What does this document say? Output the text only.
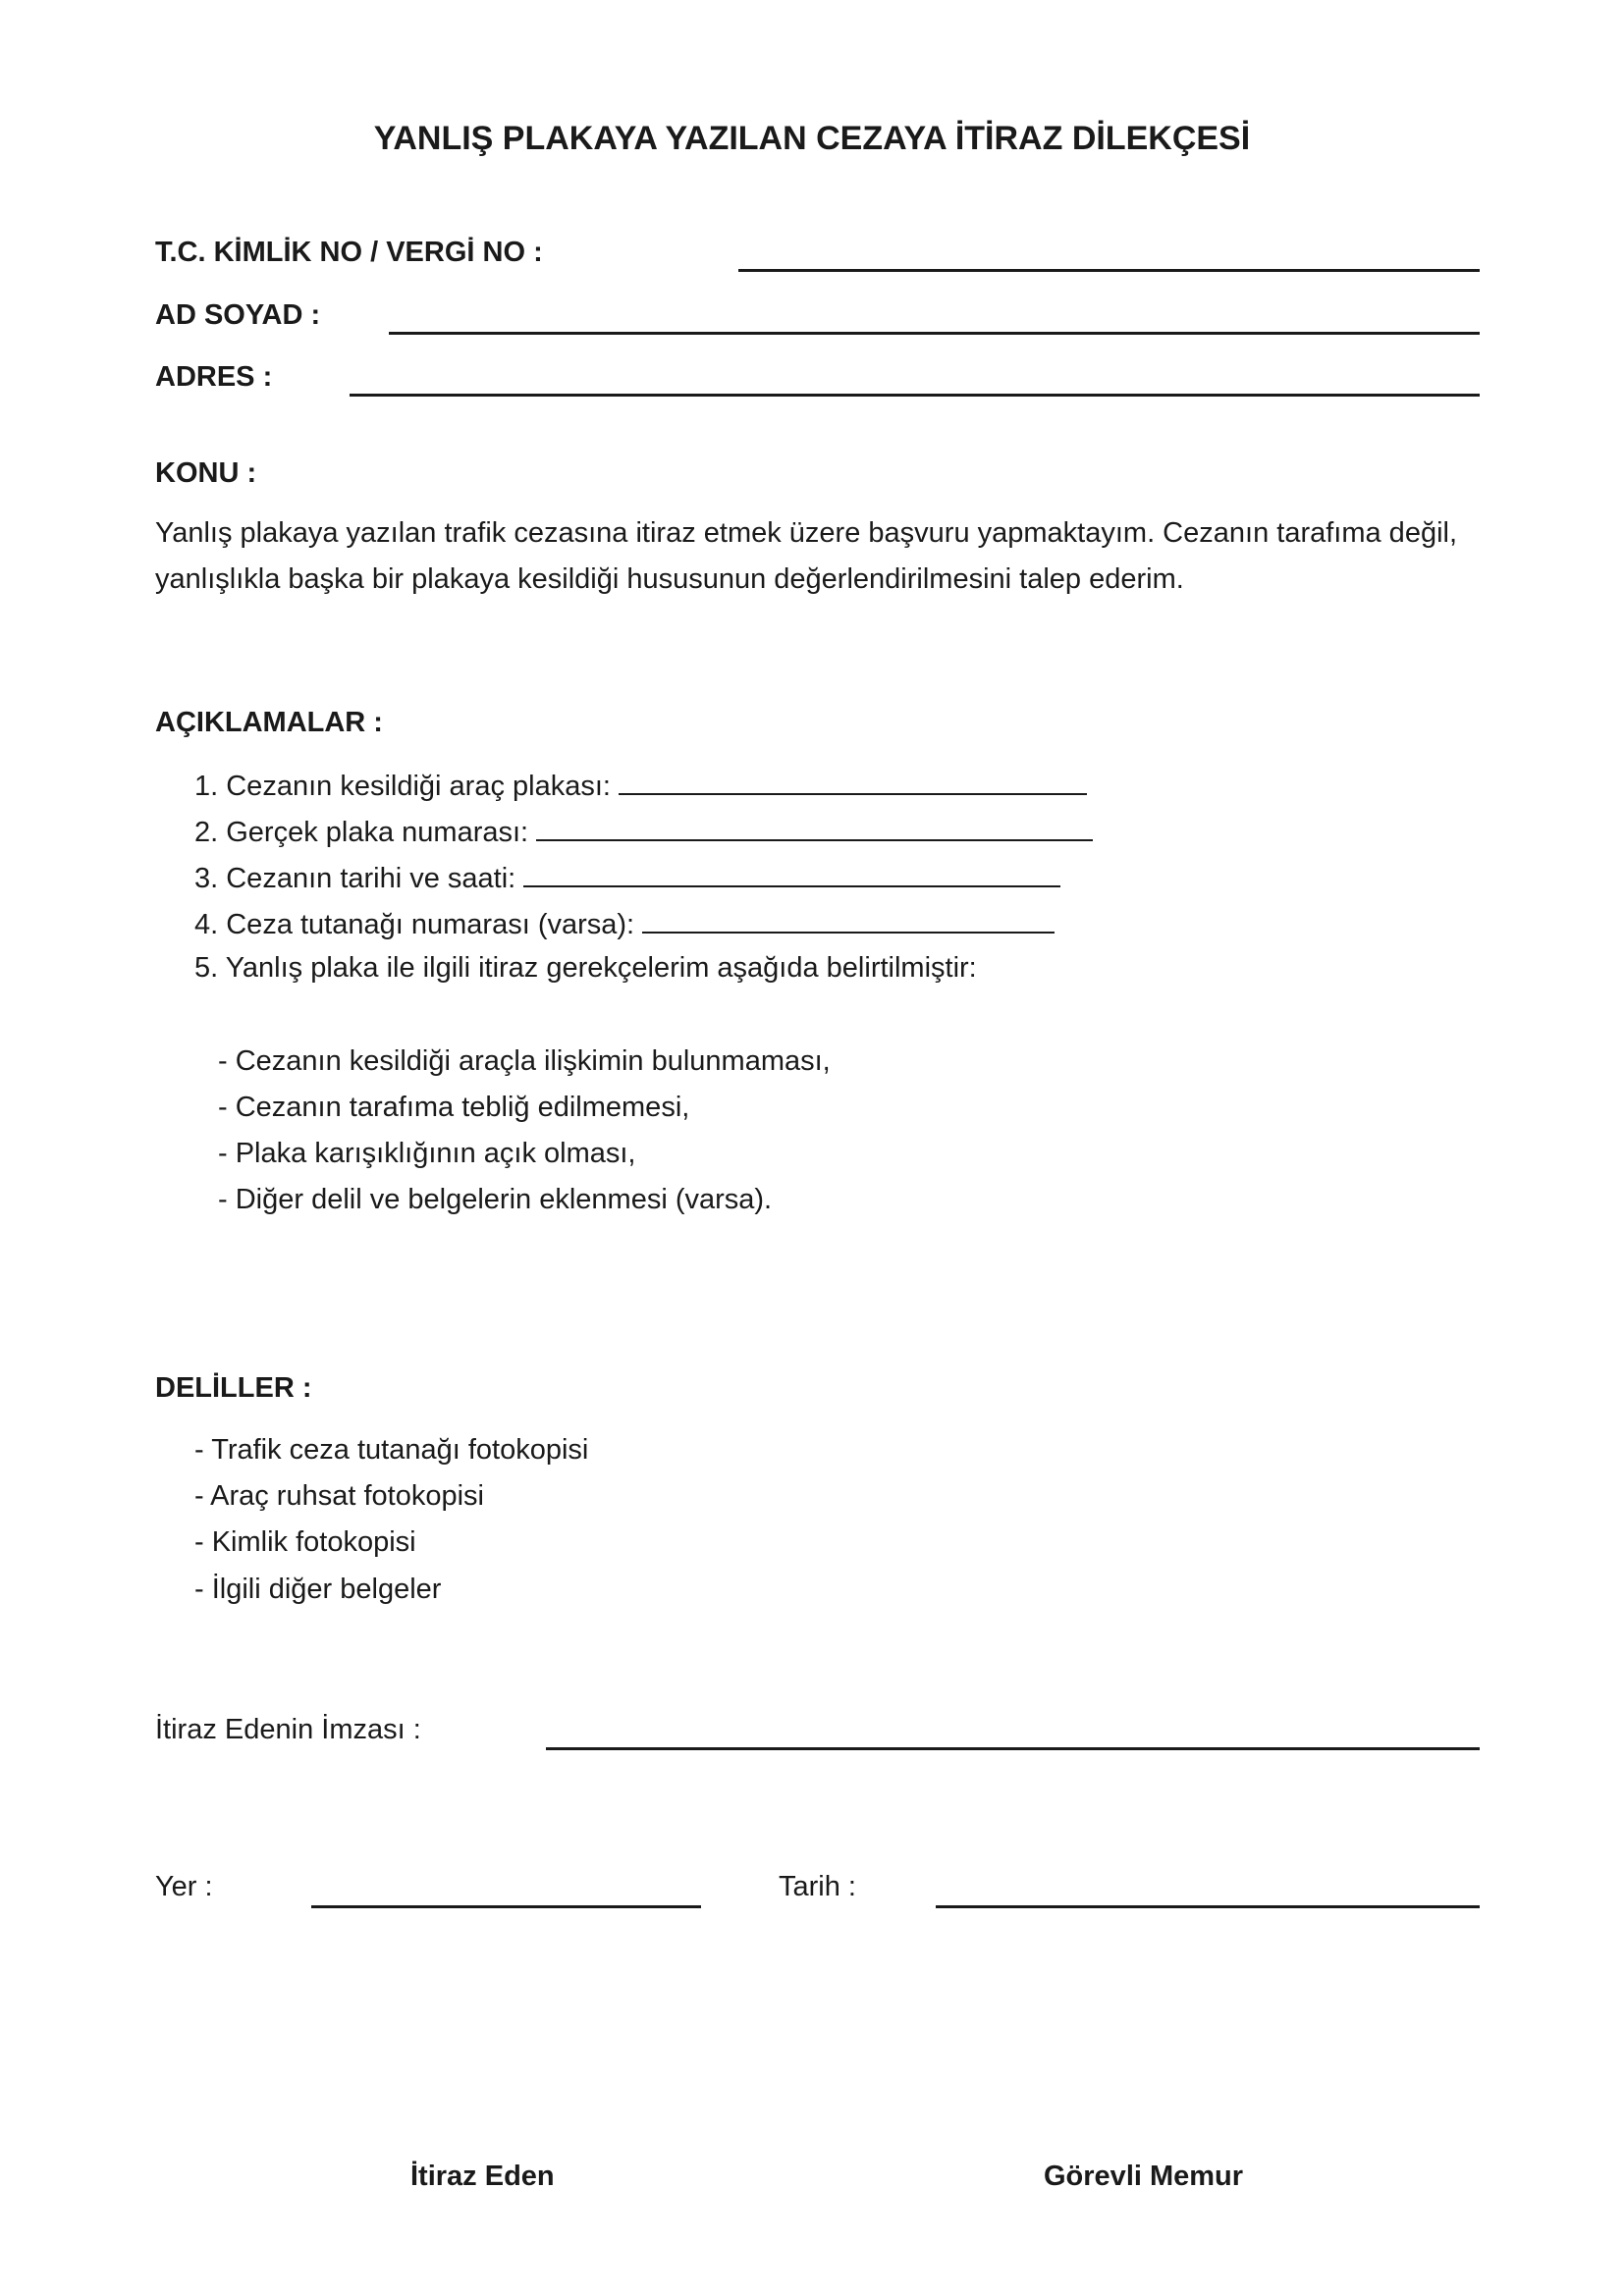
YANLIŞ PLAKAYA YAZILAN CEZAYA İTİRAZ DİLEKÇESİ
T.C. KİMLİK NO / VERGİ NO :
AD SOYAD :
ADRES :
KONU :
Yanlış plakaya yazılan trafik cezasına itiraz etmek üzere başvuru yapmaktayım. Cezanın tarafıma değil, yanlışlıkla başka bir plakaya kesildiği hususunun değerlendirilmesini talep ederim.
AÇIKLAMALAR :
1. Cezanın kesildiği araç plakası:
2. Gerçek plaka numarası:
3. Cezanın tarihi ve saati:
4. Ceza tutanağı numarası (varsa):
5. Yanlış plaka ile ilgili itiraz gerekçelerim aşağıda belirtilmiştir:
- Cezanın kesildiği araçla ilişkimin bulunmaması,
- Cezanın tarafıma tebliğ edilmemesi,
- Plaka karışıklığının açık olması,
- Diğer delil ve belgelerin eklenmesi (varsa).
DELİLLER :
- Trafik ceza tutanağı fotokopisi
- Araç ruhsat fotokopisi
- Kimlik fotokopisi
- İlgili diğer belgeler
İtiraz Edenin İmzası :
Yer :	Tarih :
İtiraz Eden	Görevli Memur
